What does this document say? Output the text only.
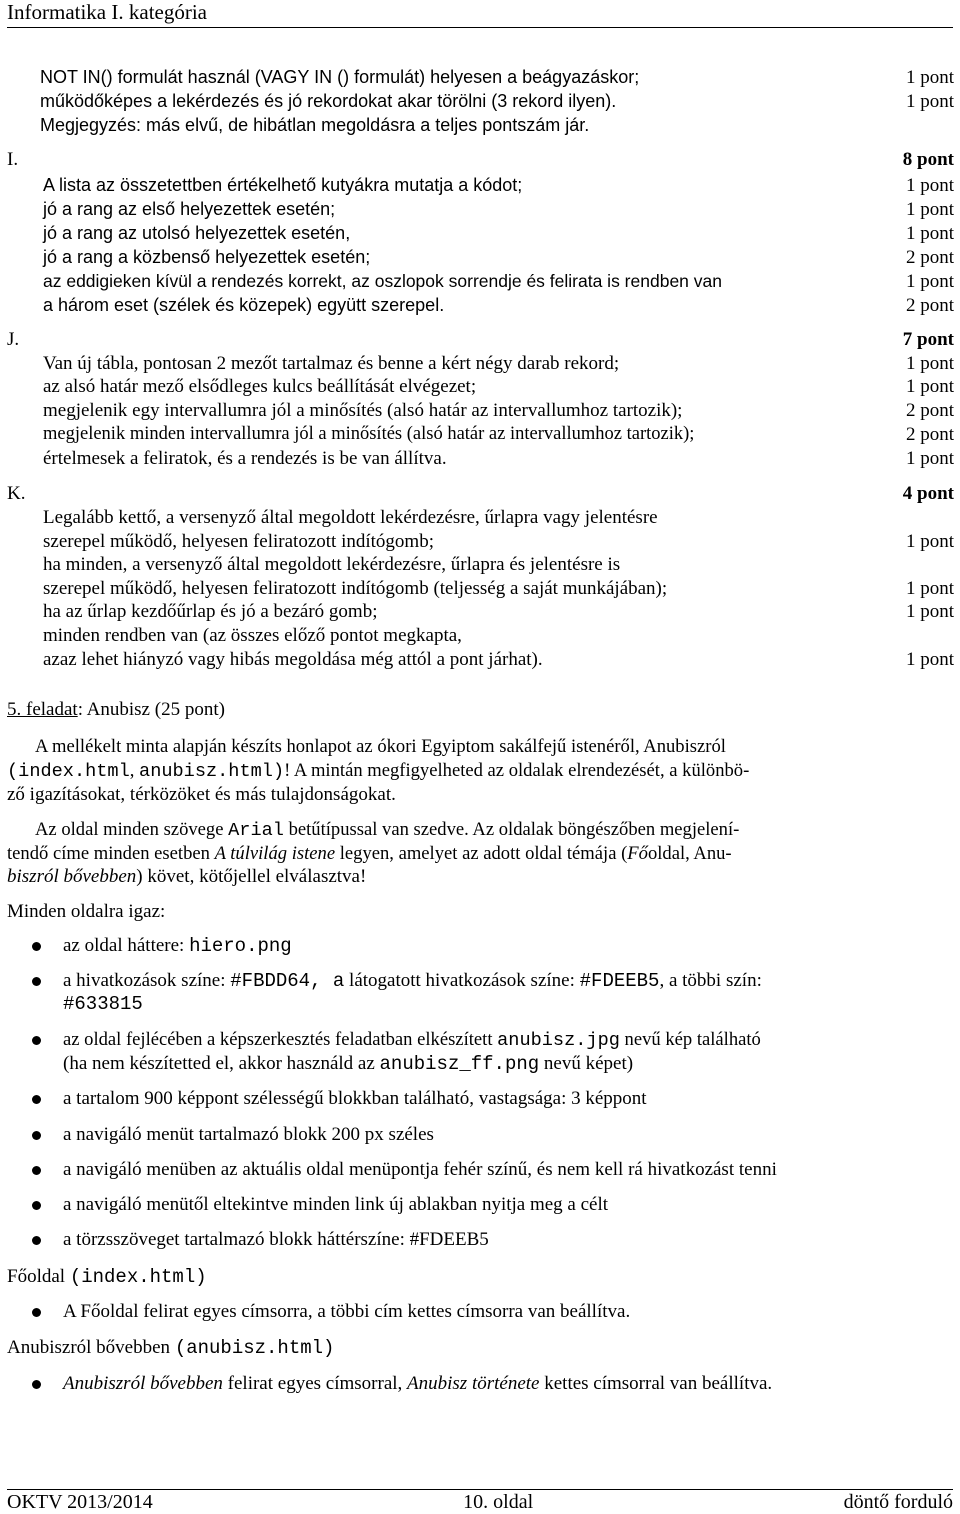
Informatika I. kategória
NOT IN() formulát használ (VAGY IN () formulát) helyesen a beágyazáskor;	1 pont
működőképes a lekérdezés és jó rekordokat akar törölni (3 rekord ilyen).	1 pont
Megjegyzés: más elvű, de hibátlan megoldásra a teljes pontszám jár.
I.	8 pont
A lista az összetettben értékelhető kutyákra mutatja a kódot;	1 pont
jó a rang az első helyezettek esetén;	1 pont
jó a rang az utolsó helyezettek esetén,	1 pont
jó a rang a közbenső helyezettek esetén;	2 pont
az eddigieken kívül a rendezés korrekt, az oszlopok sorrendje és felirata is rendben van	1 pont
a három eset (szélek és közepek) együtt szerepel.	2 pont
J.	7 pont
Van új tábla, pontosan 2 mezőt tartalmaz és benne a kért négy darab rekord;	1 pont
az alsó határ mező elsődleges kulcs beállítását elvégezet;	1 pont
megjelenik egy intervallumra jól a minősítés (alsó határ az intervallumhoz tartozik);	2 pont
megjelenik minden intervallumra jól a minősítés (alsó határ az intervallumhoz tartozik);	2 pont
értelmesek a feliratok, és a rendezés is be van állítva.	1 pont
K.	4 pont
Legalább kettő, a versenyző által megoldott lekérdezésre, űrlapra vagy jelentésre
szerepel működő, helyesen feliratozott indítógomb;	1 pont
ha minden, a versenyző által megoldott lekérdezésre, űrlapra és jelentésre is
szerepel működő, helyesen feliratozott indítógomb (teljesség a saját munkájában);	1 pont
ha az űrlap kezdőűrlap és jó a bezáró gomb;	1 pont
minden rendben van (az összes előző pontot megkapta,
azaz lehet hiányzó vagy hibás megoldása még attól a pont járhat).	1 pont
5. feladat: Anubisz (25 pont)
A mellékelt minta alapján készíts honlapot az ókori Egyiptom sakálfejű istenéről, Anubiszról
(index.html, anubisz.html)! A mintán megfigyelheted az oldalak elrendezését, a különbö-
ző igazításokat, térközöket és más tulajdonságokat.
Az oldal minden szövege Arial betűtípussal van szedve. Az oldalak böngészőben megjelení-
tendő címe minden esetben A túlvilág istene legyen, amelyet az adott oldal témája (Főoldal, Anu-
biszról bővebben) követ, kötőjellel elválasztva!
Minden oldalra igaz:
az oldal háttere: hiero.png
a hivatkozások színe: #FBDD64, a látogatott hivatkozások színe: #FDEEB5, a többi szín:
#633815
az oldal fejlécében a képszerkesztés feladatban elkészített anubisz.jpg nevű kép található
(ha nem készítetted el, akkor használd az anubisz_ff.png nevű képet)
a tartalom 900 képpont szélességű blokkban található, vastagsága: 3 képpont
a navigáló menüt tartalmazó blokk 200 px széles
a navigáló menüben az aktuális oldal menüpontja fehér színű, és nem kell rá hivatkozást tenni
a navigáló menütől eltekintve minden link új ablakban nyitja meg a célt
a törzsszöveget tartalmazó blokk háttérszíne: #FDEEB5
Főoldal (index.html)
A Főoldal felirat egyes címsorra, a többi cím kettes címsorra van beállítva.
Anubiszról bővebben (anubisz.html)
Anubiszról bővebben felirat egyes címsorral, Anubisz története kettes címsorral van beállítva.
OKTV 2013/2014	10. oldal	döntő forduló
